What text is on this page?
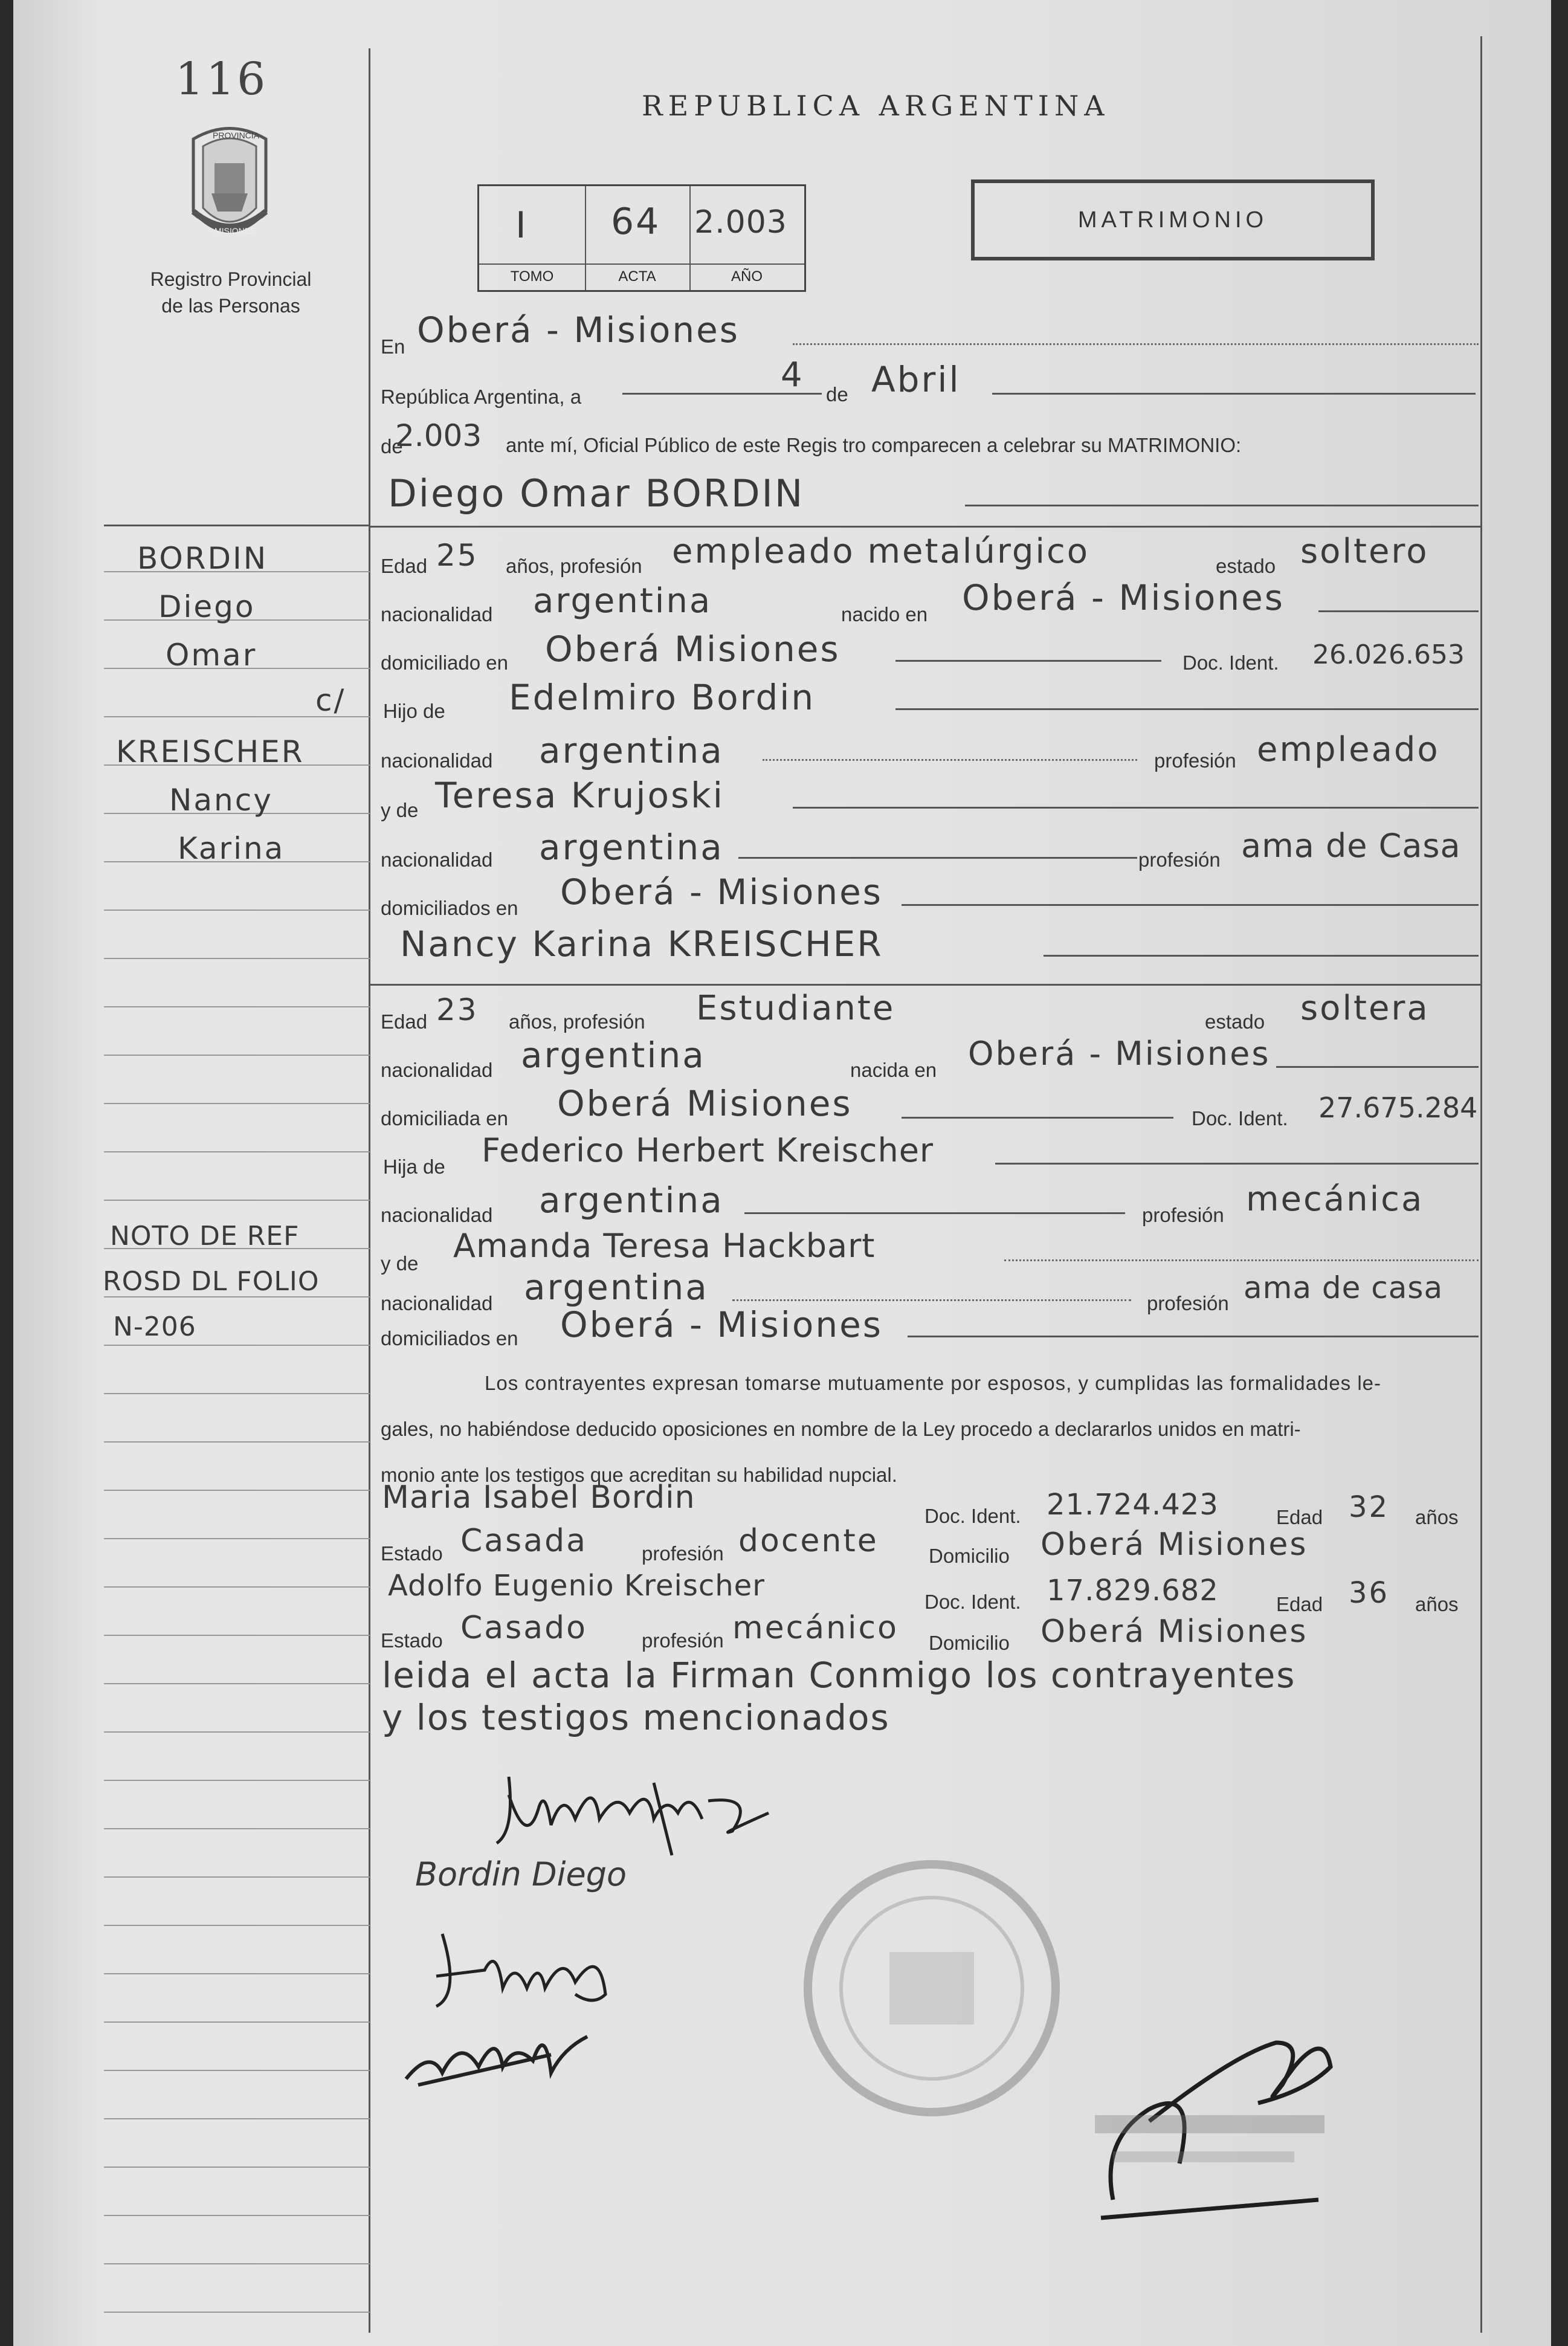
116
PROVINCIA
MISIONES
Registro Provincial de las Personas
REPUBLICA ARGENTINA
I 64 2.003
TOMO	ACTA	AÑO
MATRIMONIO
En Oberá - Misiones
República Argentina, a
4 de Abril
de
2.003 ante mí, Oficial Público de este Regis tro comparecen a celebrar su MATRIMONIO:
Diego Omar BORDIN
BORDIN
Diego
Omar
c/
KREISCHER
Nancy
Karina
NOTO DE REF
ROSD DL FOLIO
N-206
Edad 25 años, profesión empleado metalúrgico	estado soltero
nacionalidad argentina	nacido en Oberá - Misiones
domiciliado en Oberá Misiones	Doc. Ident. 26.026.653
Hijo de Edelmiro Bordin
nacionalidad argentina	profesión empleado
y de Teresa Krujoski
nacionalidad argentina	profesión ama de Casa
domiciliados en Oberá - Misiones
Nancy Karina KREISCHER
Edad 23 años, profesión Estudiante	estado soltera
nacionalidad argentina	nacida en Oberá - Misiones
domiciliada en Oberá Misiones	Doc. Ident. 27.675.284
Hija de Federico Herbert Kreischer
nacionalidad argentina	profesión mecánica
y de Amanda Teresa Hackbart
nacionalidad argentina	profesión ama de casa
domiciliados en Oberá - Misiones
Los contrayentes expresan tomarse mutuamente por esposos, y cumplidas las formalidades le-
gales, no habiéndose deducido oposiciones en nombre de la Ley procedo a declararlos unidos en matri-
monio ante los testigos que acreditan su habilidad nupcial.
Maria Isabel Bordin
Doc. Ident. 21.724.423	Edad 32 años
Estado Casada	profesión docente	Domicilio Oberá Misiones
Adolfo Eugenio Kreischer	Doc. Ident. 17.829.682	Edad 36 años
Estado Casado	profesión mecánico Domicilio Oberá Misiones
leida el acta la Firman Conmigo los contrayentes
y los testigos mencionados
Bordin Diego
